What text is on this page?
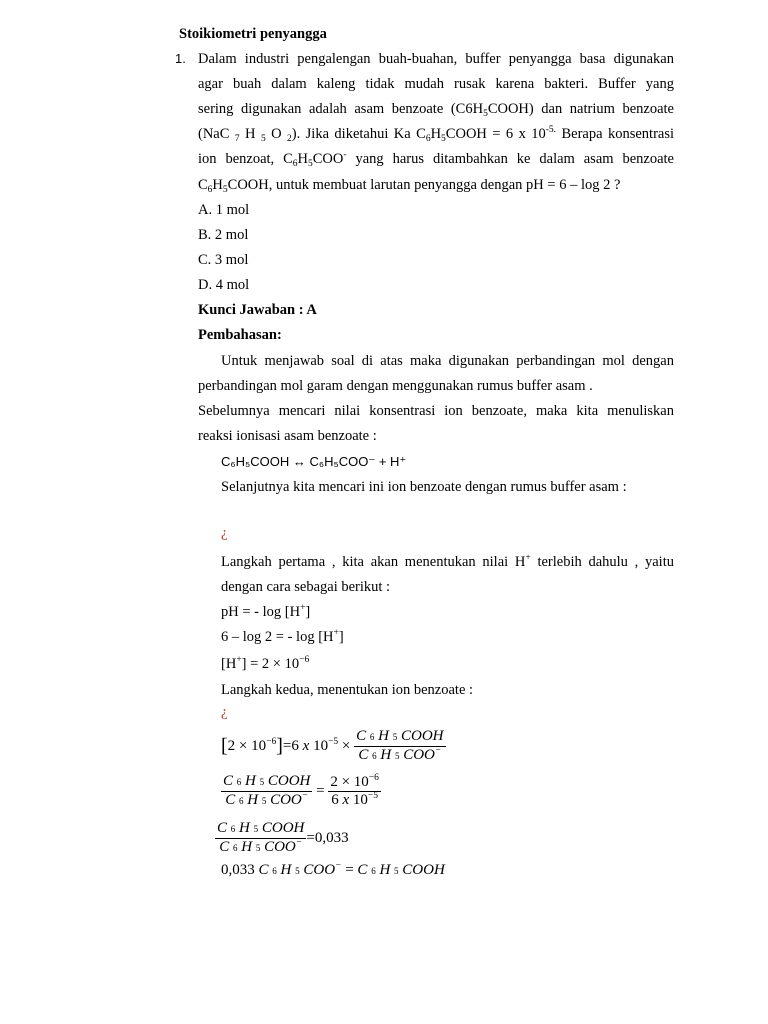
Stoikiometri penyangga
1. Dalam industri pengalengan buah-buahan, buffer penyangga basa digunakan
agar buah dalam kaleng tidak mudah rusak karena bakteri. Buffer yang
sering digunakan adalah asam benzoate $(C6H_5COOH)$ dan natrium benzoate
(NaC $_7$ H $_5$ O $_2$). Jika diketahui Ka $C_6H_5COOH = 6$ x $10^{-5.}$ Berapa konsentrasi
ion benzoat, $C_6H_5COO^-$ yang harus ditambahkan ke dalam asam benzoate
$C_6H_5COOH$, untuk membuat larutan penyangga dengan pH = 6 – log 2 ?
A. 1 mol
B. 2 mol
C. 3 mol
D. 4 mol
Kunci Jawaban : A
Pembahasan:
Untuk menjawab soal di atas maka digunakan perbandingan mol dengan
perbandingan mol garam dengan menggunakan rumus buffer asam .
Sebelumnya mencari nilai konsentrasi ion benzoate, maka kita menuliskan
reaksi ionisasi asam benzoate :
C₆H₅COOH ↔ C₆H₅COO⁻ + H⁺
Selanjutnya kita mencari ini ion benzoate dengan rumus buffer asam :
¿
Langkah pertama , kita akan menentukan nilai H+ terlebih dahulu , yaitu
dengan cara sebagai berikut :
pH = - log [H+]
6 – log 2 = - log [H+]
$[H^+] = 2 \times 10^{-6}$
Langkah kedua, menentukan ion benzoate :
¿
$[2 \times 10^{-6}]=6$ x $10^{-5} \times \frac{\text{C 6 H 5 COOH}}{C 6 H 5 COO^-}$
$\frac{\text{C 6 H 5 COOH}}{C 6 H 5 COO^-} = \frac{2 \times 10^{-6}}{6 x 10^{-5}}$
$\frac{\text{C 6 H 5 COOH}}{C 6 H 5 COO^-} =0,033$
0,033 C 6 H 5 COO− = C 6 H 5 COOH
